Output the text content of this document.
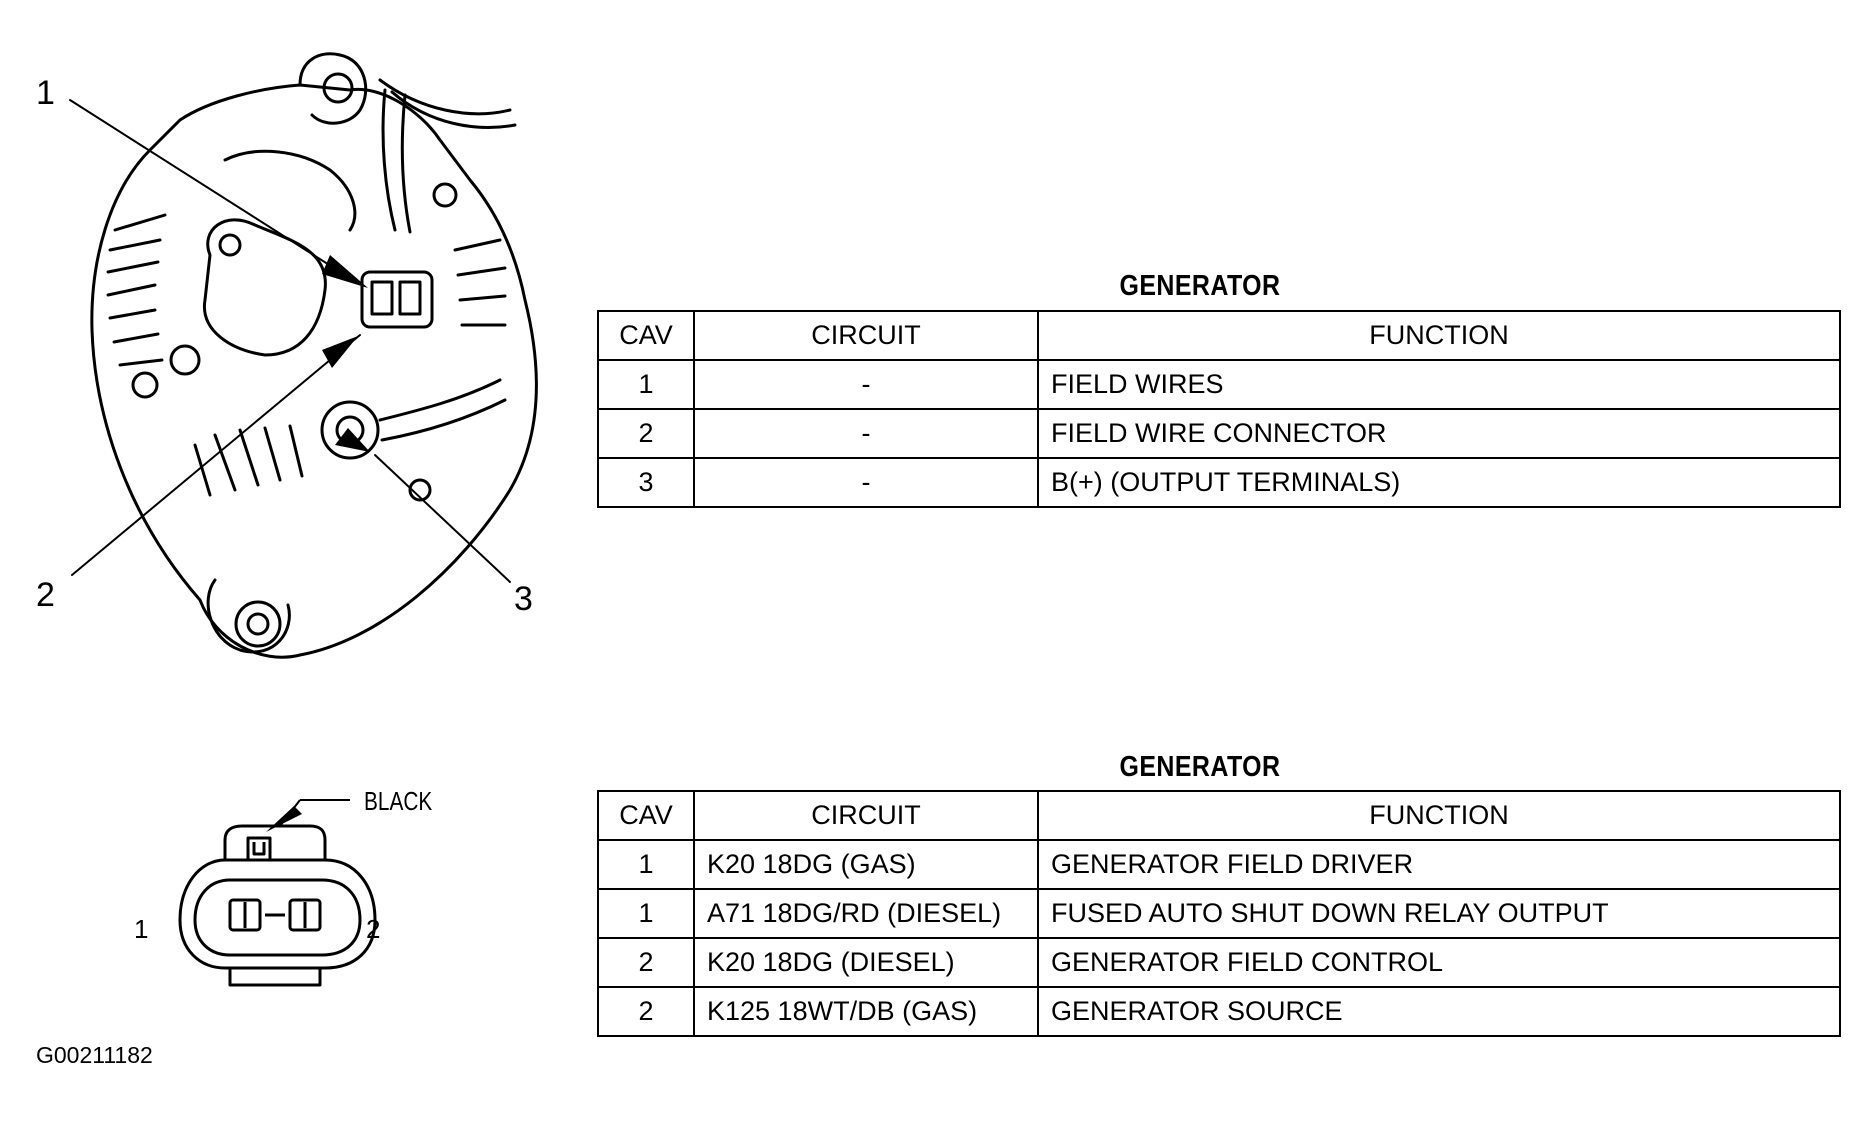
1
2	3
BLACK
1	2
GENERATOR
CAV	CIRCUIT	FUNCTION
1	-	FIELD WIRES
2	-	FIELD WIRE CONNECTOR
3	-	B(+) (OUTPUT TERMINALS)
GENERATOR
CAV	CIRCUIT	FUNCTION
1	K20 18DG (GAS)	GENERATOR FIELD DRIVER
1	A71 18DG/RD (DIESEL)	FUSED AUTO SHUT DOWN RELAY OUTPUT
2	K20 18DG (DIESEL)	GENERATOR FIELD CONTROL
2	K125 18WT/DB (GAS)	GENERATOR SOURCE
G00211182
